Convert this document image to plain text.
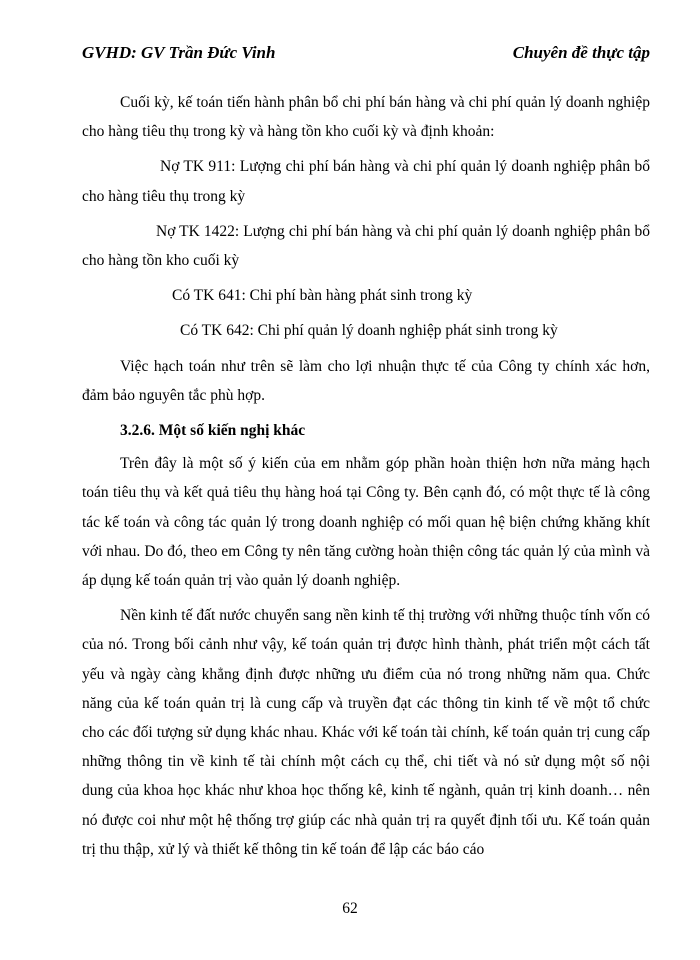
GVHD: GV Trần Đức Vinh	Chuyên đề thực tập

Cuối kỳ, kế toán tiến hành phân bổ chi phí bán hàng và chi phí quản lý doanh nghiệp cho hàng tiêu thụ trong kỳ và hàng tồn kho cuối kỳ và định khoản:

Nợ TK 911: Lượng chi phí bán hàng và chi phí quản lý doanh nghiệp phân bổ cho hàng tiêu thụ trong kỳ

Nợ TK 1422: Lượng chi phí bán hàng và chi phí quản lý doanh nghiệp phân bổ cho hàng tồn kho cuối kỳ

Có TK 641: Chi phí bàn hàng phát sinh trong kỳ

Có TK 642: Chi phí quản lý doanh nghiệp phát sinh trong kỳ

Việc hạch toán như trên sẽ làm cho lợi nhuận thực tế của Công ty chính xác hơn, đảm bảo nguyên tắc phù hợp.

3.2.6. Một số kiến nghị khác

Trên đây là một số ý kiến của em nhằm góp phần hoàn thiện hơn nữa mảng hạch toán tiêu thụ và kết quả tiêu thụ hàng hoá tại Công ty. Bên cạnh đó, có một thực tế là công tác kế toán và công tác quản lý trong doanh nghiệp có mối quan hệ biện chứng khăng khít với nhau. Do đó, theo em Công ty nên tăng cường hoàn thiện công tác quản lý của mình và áp dụng kế toán quản trị vào quản lý doanh nghiệp.

Nền kinh tế đất nước chuyển sang nền kinh tế thị trường với những thuộc tính vốn có của nó. Trong bối cảnh như vậy, kế toán quản trị được hình thành, phát triển một cách tất yếu và ngày càng khẳng định được những ưu điểm của nó trong những năm qua. Chức năng của kế toán quản trị là cung cấp và truyền đạt các thông tin kinh tế về một tổ chức cho các đối tượng sử dụng khác nhau. Khác với kế toán tài chính, kế toán quản trị cung cấp những thông tin về kinh tế tài chính một cách cụ thể, chi tiết và nó sử dụng một số nội dung của khoa học khác như khoa học thống kê, kinh tế ngành, quản trị kinh doanh… nên nó được coi như một hệ thống trợ giúp các nhà quản trị ra quyết định tối ưu. Kế toán quản trị thu thập, xử lý và thiết kế thông tin kế toán để lập các báo cáo

62
